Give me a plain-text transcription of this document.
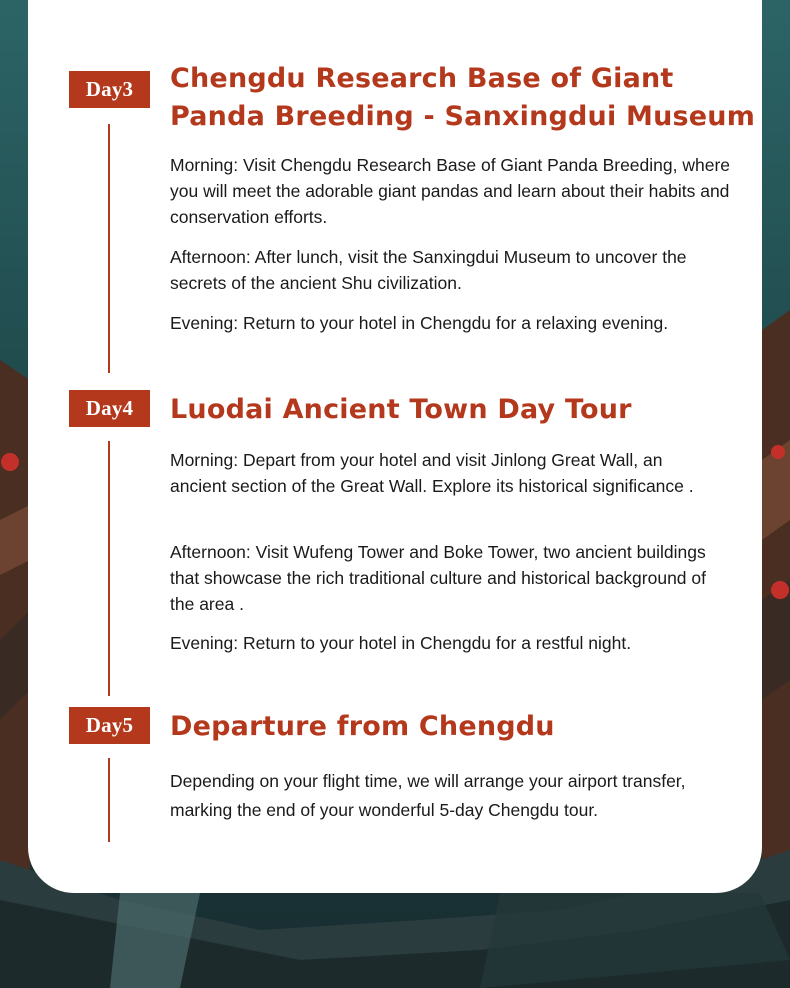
Day3	Chengdu Research Base of Giant
Panda Breeding - Sanxingdui Museum

Morning: Visit Chengdu Research Base of Giant Panda Breeding, where you will meet the adorable giant pandas and learn about their habits and conservation efforts.

Afternoon: After lunch, visit the Sanxingdui Museum to uncover the secrets of the ancient Shu civilization.

Evening: Return to your hotel in Chengdu for a relaxing evening.

Day4	Luodai Ancient Town Day Tour

Morning: Depart from your hotel and visit Jinlong Great Wall, an ancient section of the Great Wall. Explore its historical significance .

Afternoon: Visit Wufeng Tower and Boke Tower, two ancient buildings that showcase the rich traditional culture and historical background of the area .

Evening: Return to your hotel in Chengdu for a restful night.

Day5	Departure from Chengdu

Depending on your flight time, we will arrange your airport transfer, marking the end of your wonderful 5-day Chengdu tour.
